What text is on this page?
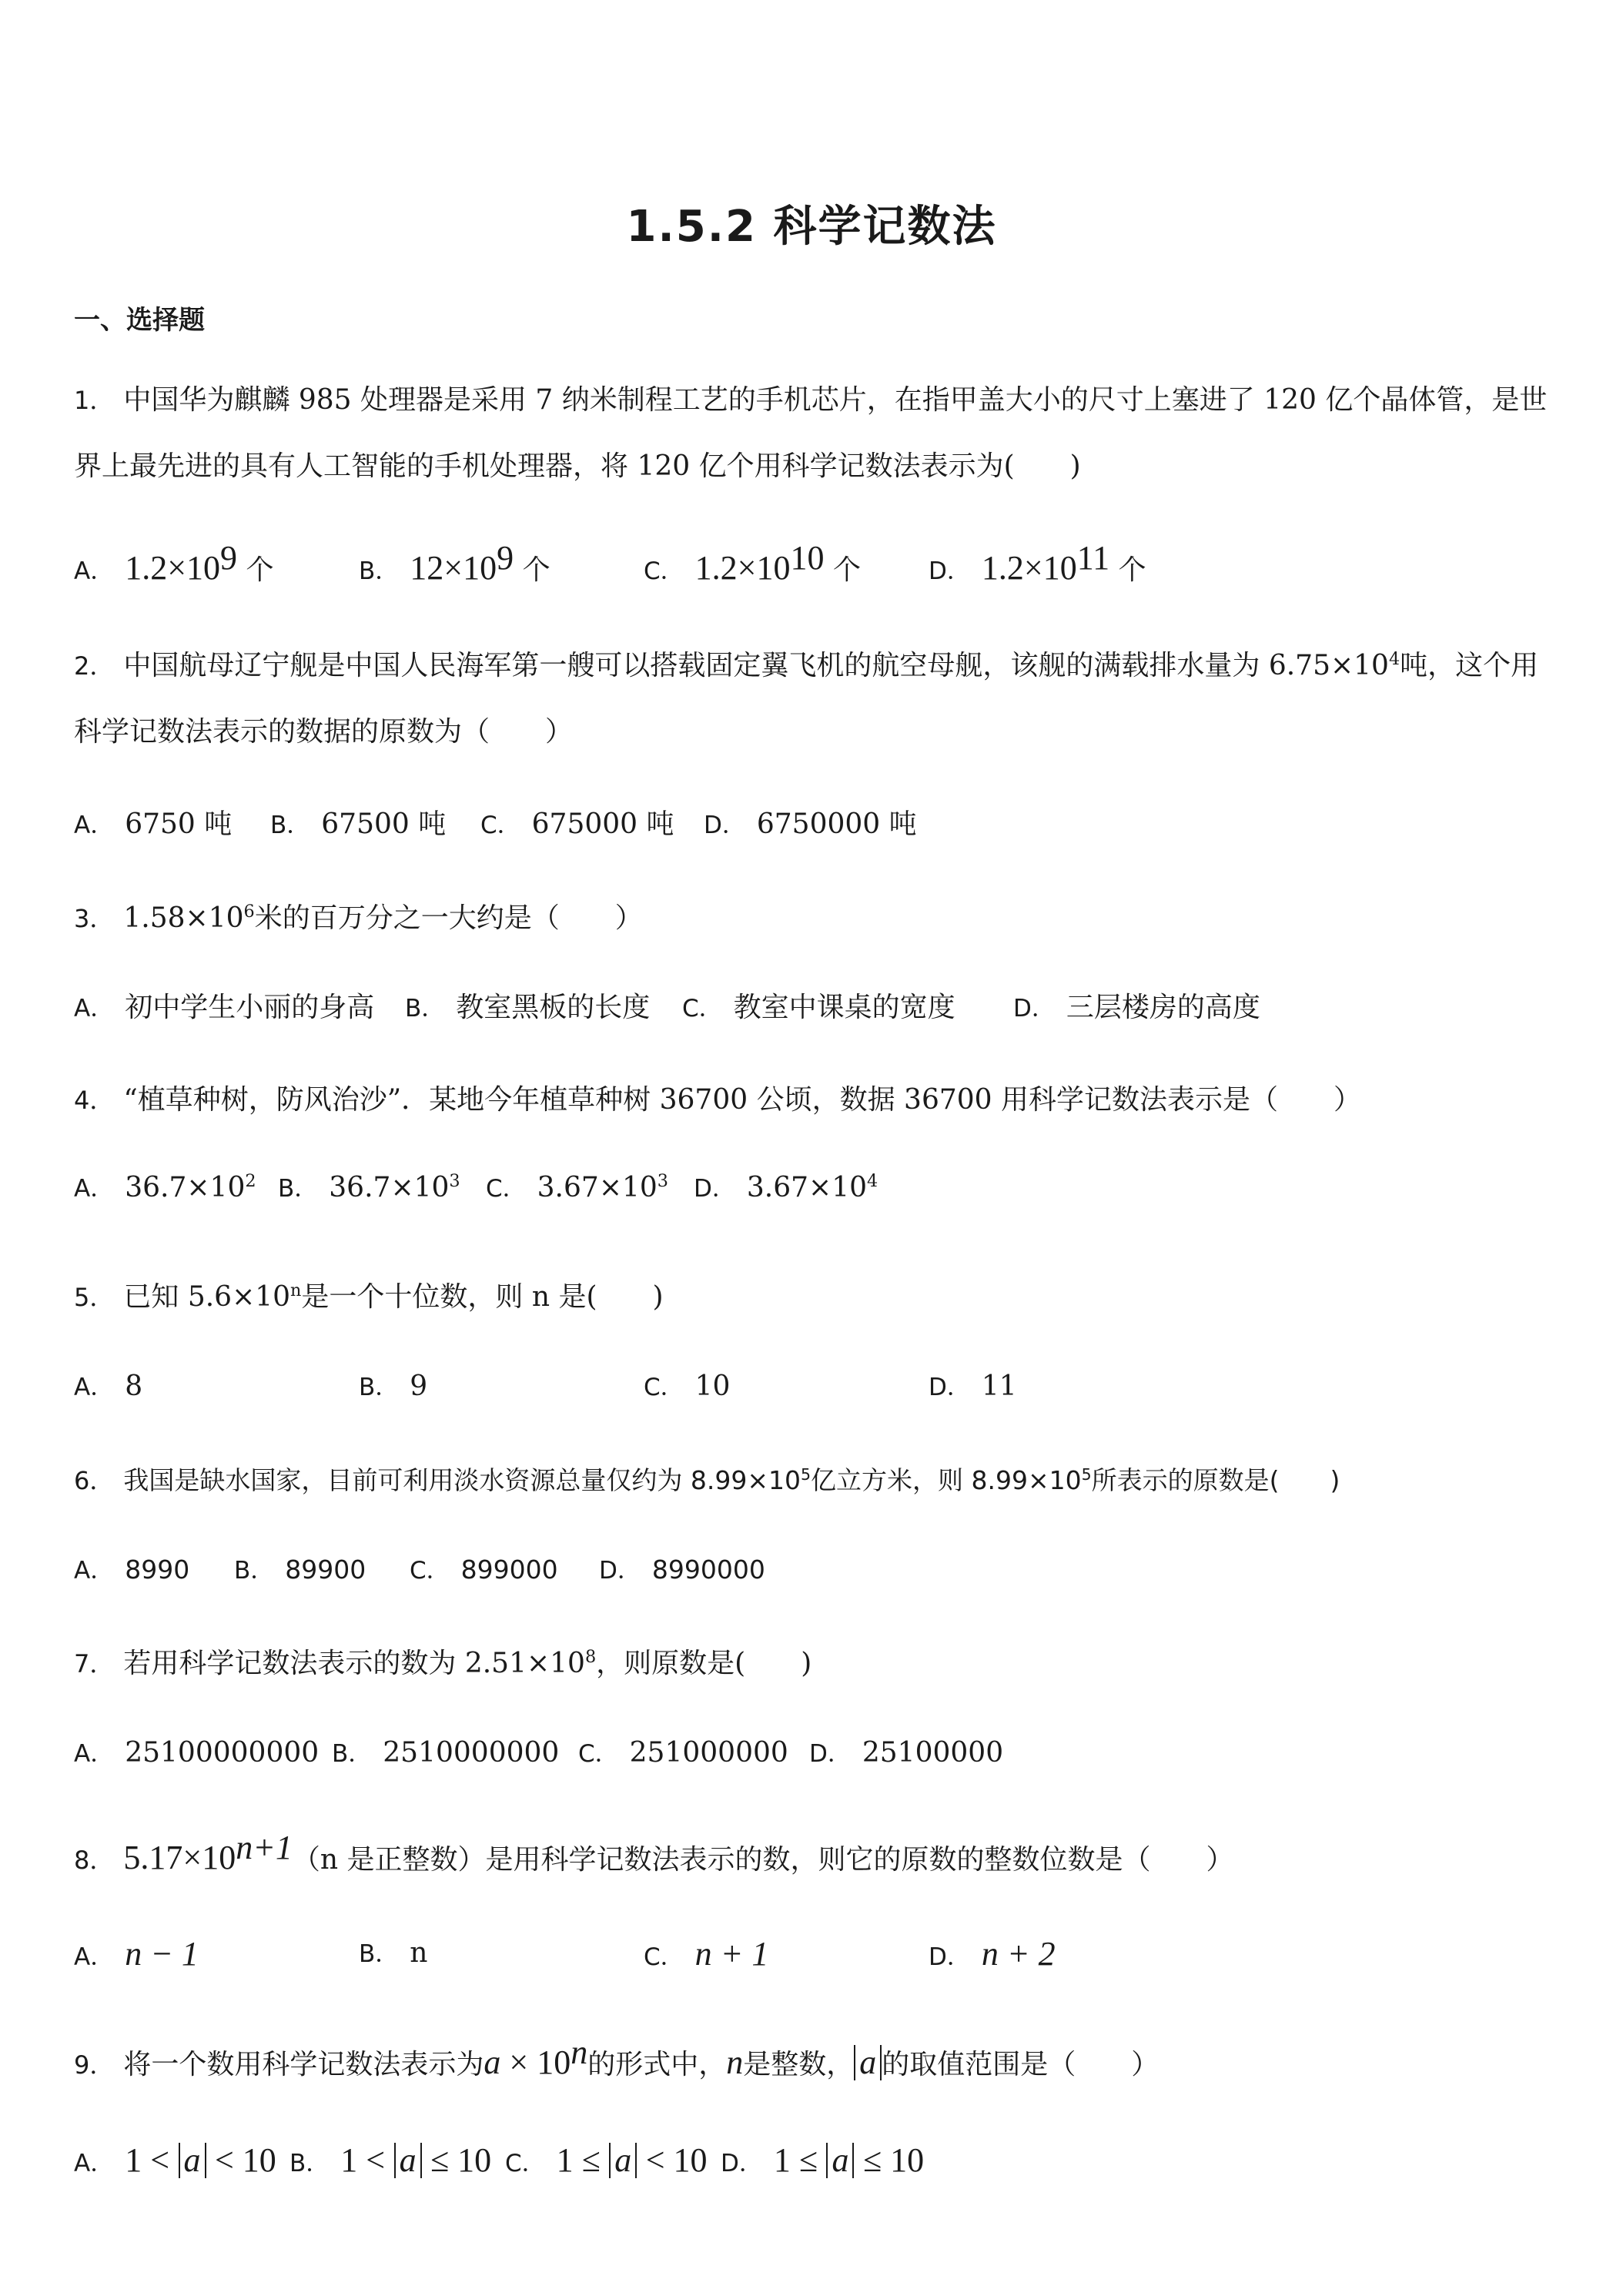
1.5.2 科学记数法
一、选择题
1． 中国华为麒麟 985 处理器是采用 7 纳米制程工艺的手机芯片，在指甲盖大小的尺寸上塞进了 120 亿个晶体管，是世
界上最先进的具有人工智能的手机处理器，将 120 亿个用科学记数法表示为(　　)
A． $1.2\times 10^9$ 个	B． $12\times 10^9$ 个	C． $1.2\times 10^{10}$ 个	D． $1.2\times 10^{11}$ 个
2． 中国航母辽宁舰是中国人民海军第一艘可以搭载固定翼飞机的航空母舰，该舰的满载排水量为 $6.75\times 10^4$吨，这个用
科学记数法表示的数据的原数为（　　）
A． 6750 吨 B． 67500 吨 C． 675000 吨 D． 6750000 吨
3． $1.58\times 10^6$米的百万分之一大约是（　　）
A． 初中学生小丽的身高 B． 教室黑板的长度 C． 教室中课桌的宽度 D． 三层楼房的高度
4． “植草种树，防风治沙”．某地今年植草种树 36700 公顷，数据 36700 用科学记数法表示是（　　）
A． $36.7\times 10^2$ B． $36.7\times 10^3$ C． $3.67\times 10^3$ D． $3.67\times 10^4$
5． 已知 $5.6\times 10^n$是一个十位数，则 n 是(　　)
A． 8	B． 9	C． 10	D． 11
6． 我国是缺水国家，目前可利用淡水资源总量仅约为 $8.99\times 10^5$亿立方米，则 $8.99\times 10^5$所表示的原数是(　　)
A． 8990 B． 89900 C． 899000 D． 8990000
7． 若用科学记数法表示的数为 $2.51\times 10^8$，则原数是(　　)
A． 25100000000 B． 2510000000 C． 251000000 D． 25100000
8． $5.17\times 10^{n+1}(n$ 是正整数）是用科学记数法表示的数，则它的原数的整数位数是（　　）
A． n − 1	B． n	C． n + 1	D． n + 2
9． 将一个数用科学记数法表示为$a \times 10^n$的形式中，n是整数， a 的取值范围是（　　）
A． 1 < a < 10 B． 1 < a ≤ 10 C． 1 ≤ a < 10 D． 1 ≤ a ≤ 10
